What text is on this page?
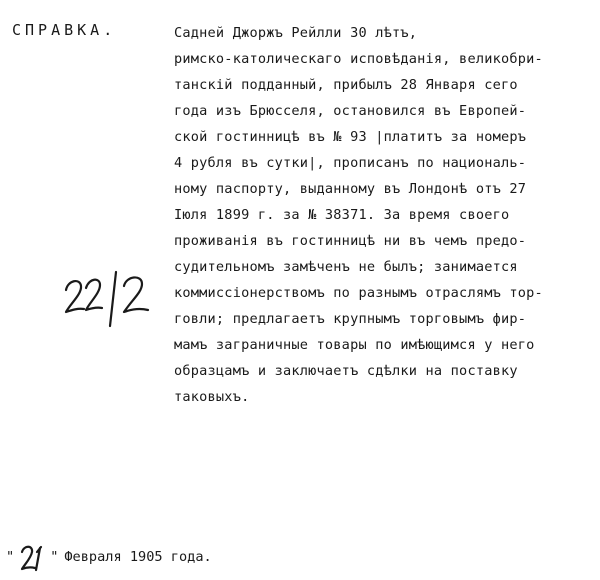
СПРАВКА.	Садней Джоржъ Рейлли 30 лѣтъ,
римско-католическаго исповѣданія, великобри-
танскій подданный, прибылъ 28 Января сего
года изъ Брюсселя, остановился въ Европей-
ской гостинницѣ въ № 93 |платитъ за номеръ
4 рубля въ сутки|, прописанъ по националь-
ному паспорту, выданному въ Лондонѣ отъ 27
Іюля 1899 г. за № 38371. За время своего
проживанія въ гостинницѣ ни въ чемъ предо-
судительномъ замѣченъ не былъ; занимается
коммиссіонерствомъ по разнымъ отраслямъ тор-
говли; предлагаетъ крупнымъ торговымъ фир-
мамъ заграничные товары по имѣющимся у него
образцамъ и заключаетъ сдѣлки на поставку
таковыхъ.
"	" Февраля 1905 года.
